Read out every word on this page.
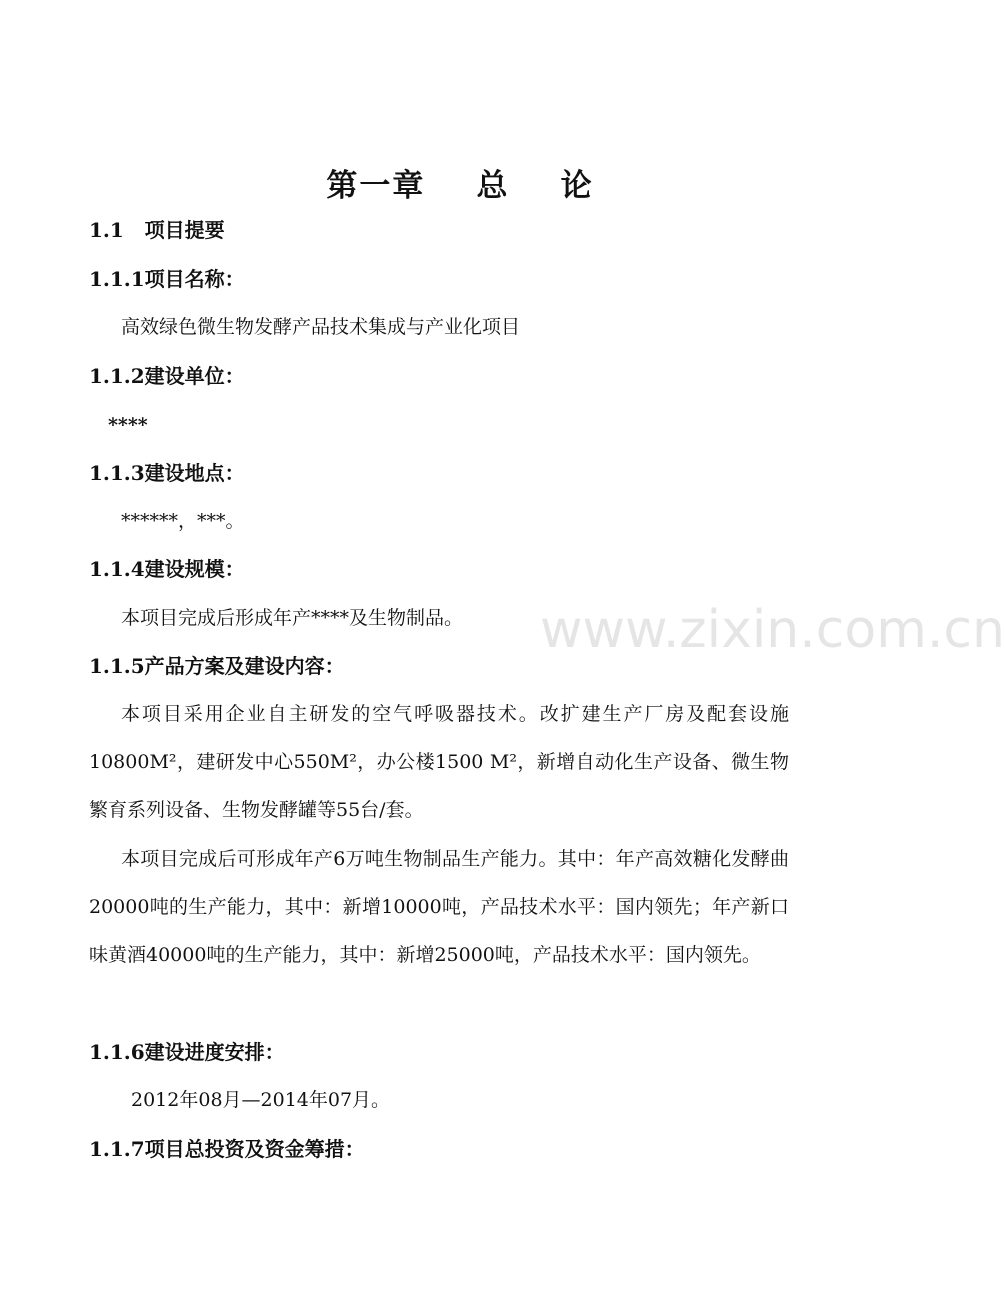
www.zixin.com.cn
第一章    总    论
1.1   项目提要
1.1.1项目名称：
高效绿色微生物发酵产品技术集成与产业化项目
1.1.2建设单位：
****
1.1.3建设地点：
******，***。
1.1.4建设规模：
本项目完成后形成年产****及生物制品。
1.1.5产品方案及建设内容：
本项目采用企业自主研发的空气呼吸器技术。改扩建生产厂房及配套设施10800M²，建研发中心550M²，办公楼1500 M²，新增自动化生产设备、微生物繁育系列设备、生物发酵罐等55台/套。
本项目完成后可形成年产6万吨生物制品生产能力。其中：年产高效糖化发酵曲20000吨的生产能力，其中：新增10000吨，产品技术水平：国内领先；年产新口味黄酒40000吨的生产能力，其中：新增25000吨，产品技术水平：国内领先。
1.1.6建设进度安排：
2012年08月—2014年07月。
1.1.7项目总投资及资金筹措：
